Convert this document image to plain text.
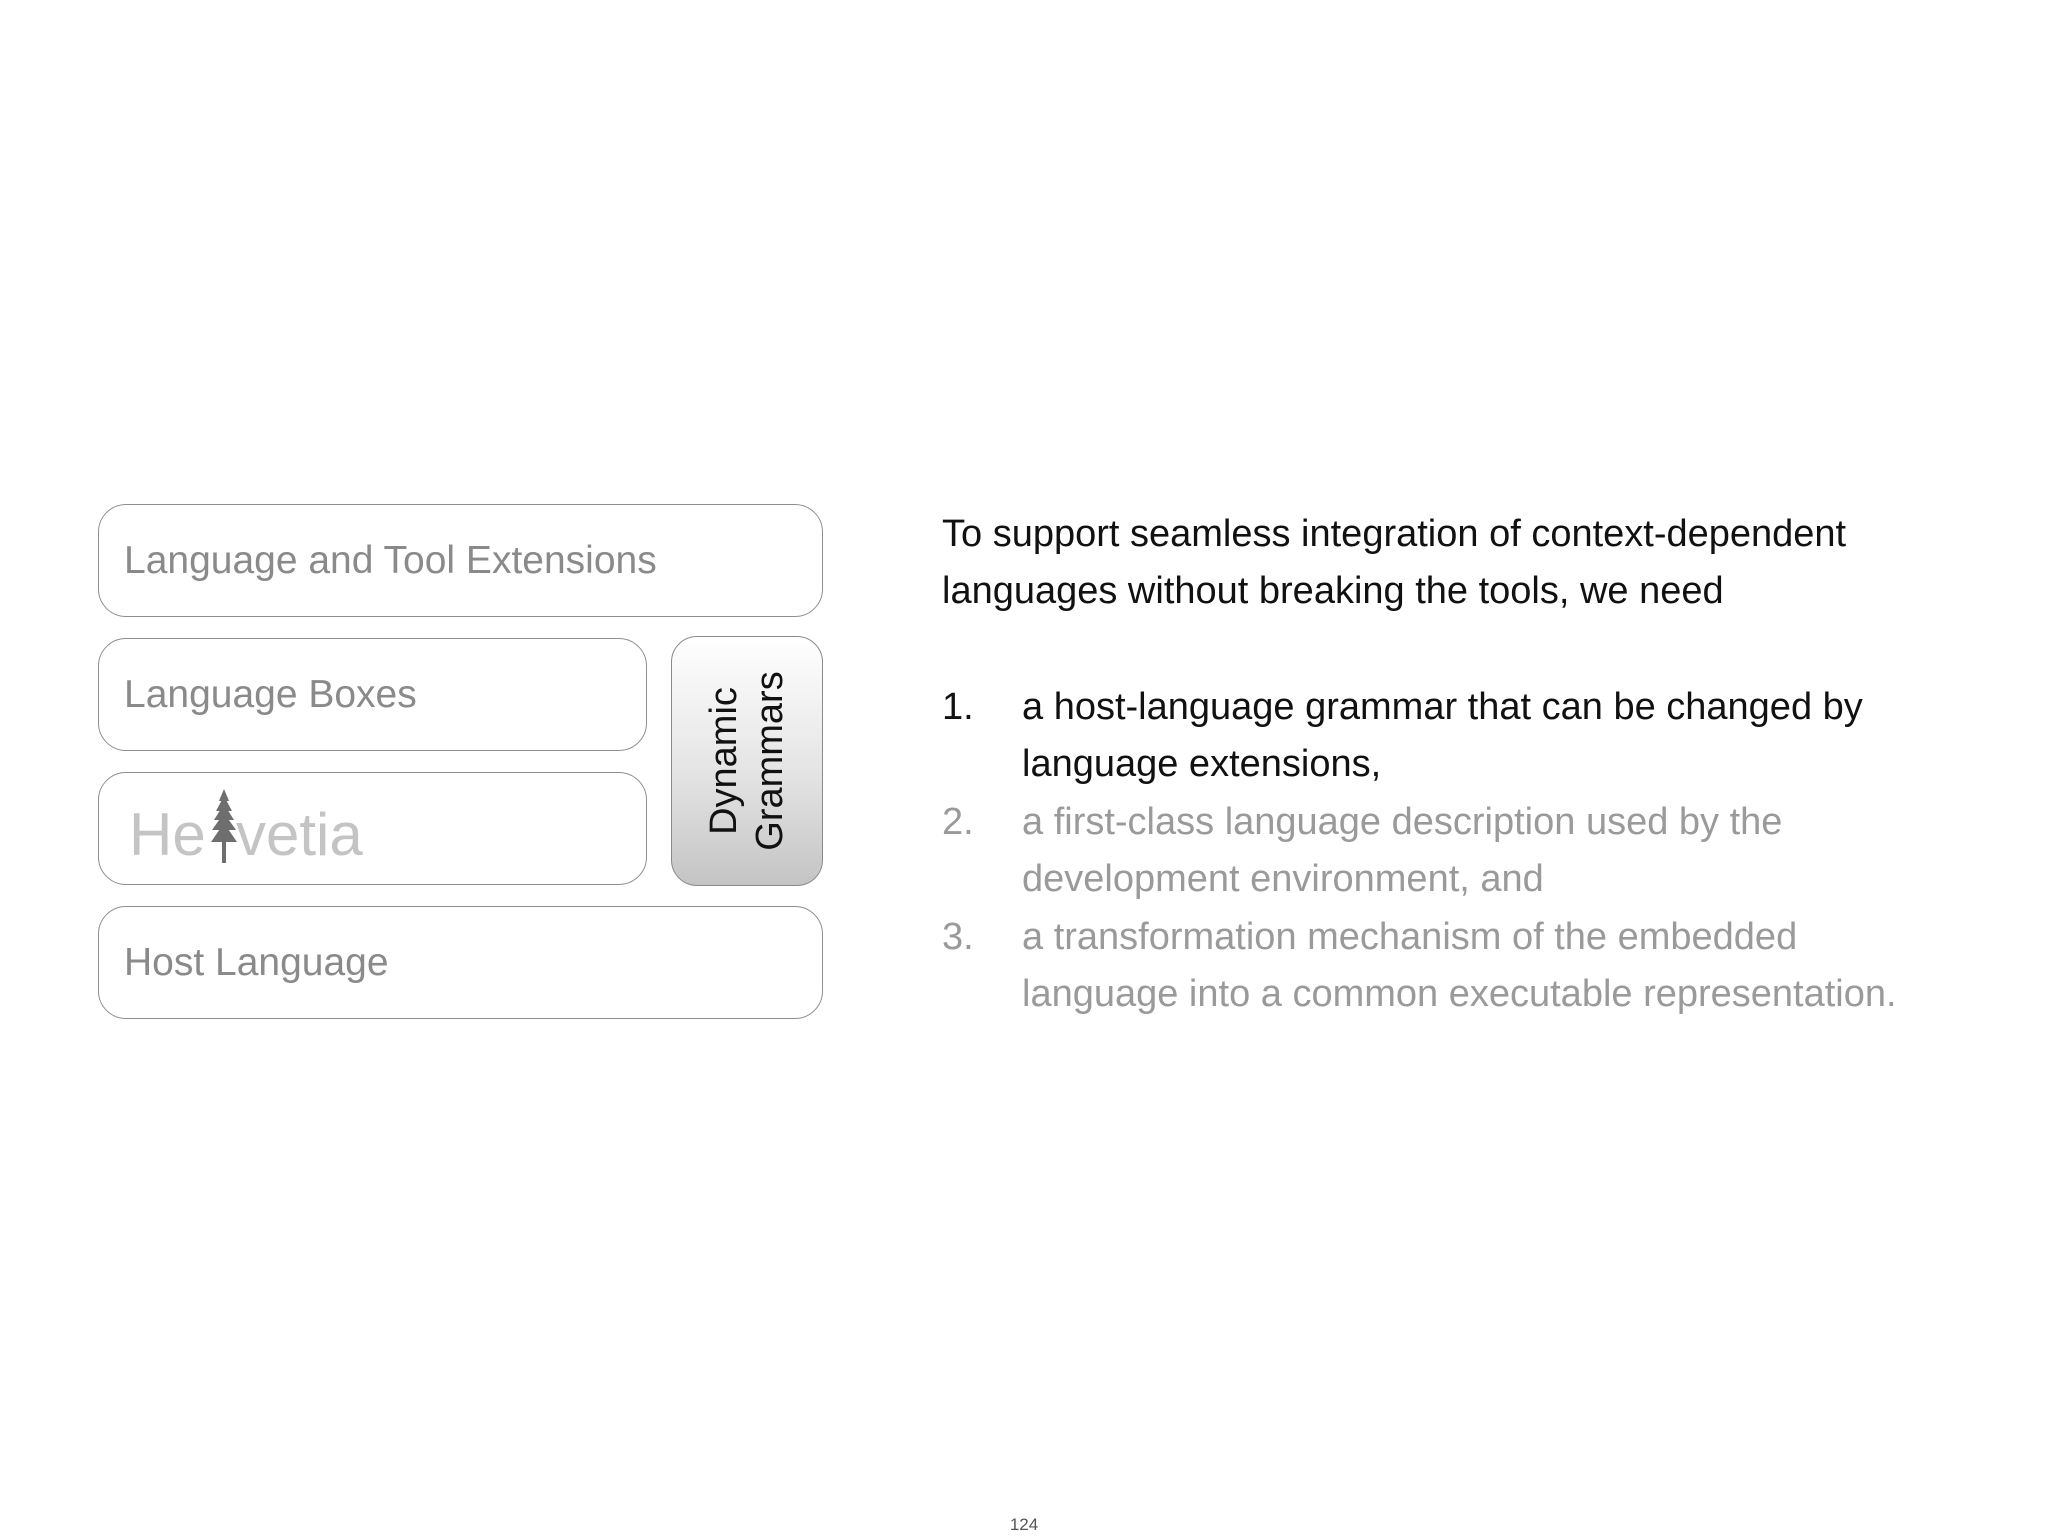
Language and Tool Extensions
Language Boxes
He vetia
Host Language
Dynamic Grammars

To support seamless integration of context-dependent

languages without breaking the tools, we need

1. a host-language grammar that can be changed by
language extensions,
2. a first-class language description used by the
development environment, and
3. a transformation mechanism of the embedded
language into a common executable representation.
124
